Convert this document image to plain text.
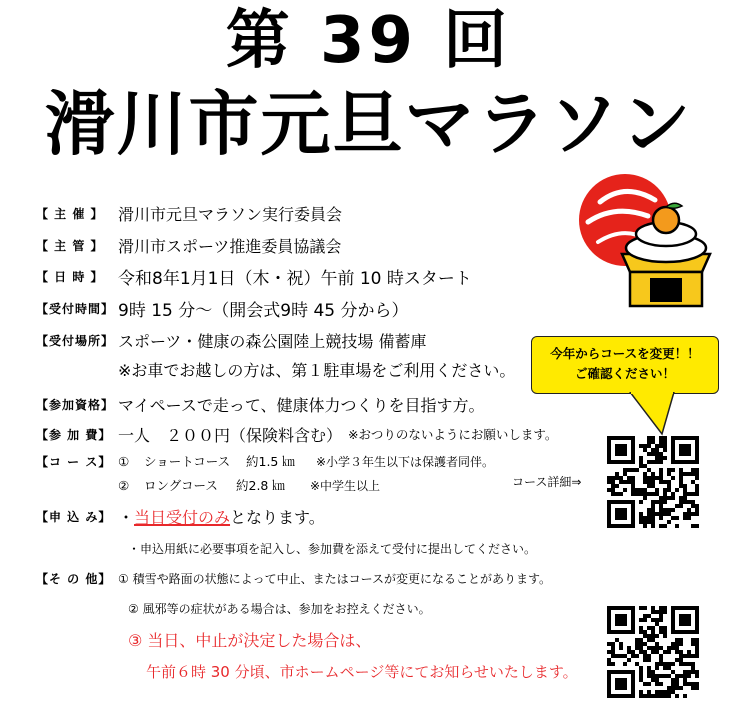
第 39 回
滑川市元旦マラソン
【 主 催 】 滑川市元旦マラソン実行委員会
【 主 管 】 滑川市スポーツ推進委員協議会
【 日 時 】 令和8年1月1日（木・祝）午前 10 時スタート
【受付時間】 9時 15 分～（開会式9時 45 分から）
【受付場所】 スポーツ・健康の森公園陸上競技場 備蓄庫
※お車でお越しの方は、第１駐車場をご利用ください。
【参加資格】 マイペースで走って、健康体力つくりを目指す方。
【参 加 費】 一人　２００円（保険料含む） ※おつりのないようにお願いします。
【コ ー ス】 ①	ショートコース	約1.5 ㎞	※小学３年生以下は保護者同伴。
②	ロングコース	約2.8 ㎞	※中学生以上	コース詳細⇒
【申 込 み】 ・ 当日受付のみ となります。
・申込用紙に必要事項を記入し、参加費を添えて受付に提出してください。
【そ の 他】 ① 積雪や路面の状態によって中止、またはコースが変更になることがあります。
② 風邪等の症状がある場合は、参加をお控えください。
③ 当日、中止が決定した場合は、
午前６時 30 分頃、市ホームページ等にてお知らせいたします。
今年からコースを変更！！
ご確認ください！
